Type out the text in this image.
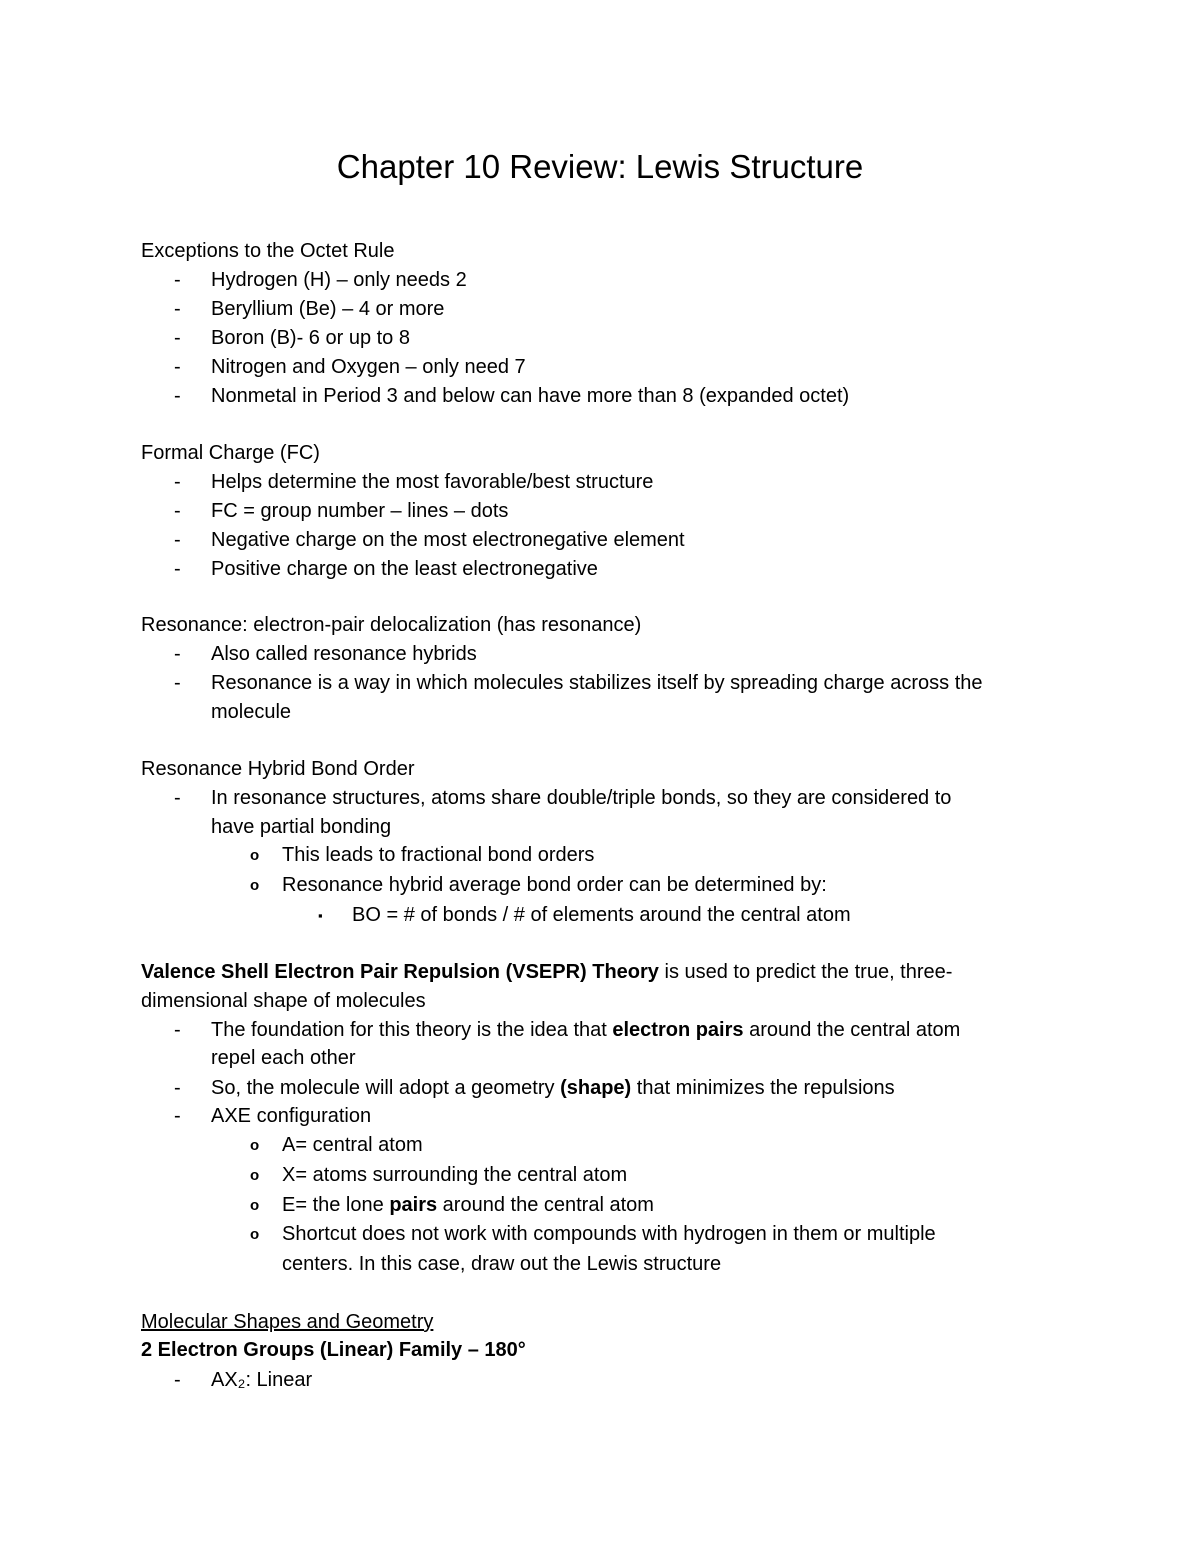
Chapter 10 Review: Lewis Structure
Exceptions to the Octet Rule
- Hydrogen (H) – only needs 2
- Beryllium (Be) – 4 or more
- Boron (B)- 6 or up to 8
- Nitrogen and Oxygen – only need 7
- Nonmetal in Period 3 and below can have more than 8 (expanded octet)
Formal Charge (FC)
- Helps determine the most favorable/best structure
- FC = group number – lines – dots
- Negative charge on the most electronegative element
- Positive charge on the least electronegative
Resonance: electron-pair delocalization (has resonance)
- Also called resonance hybrids
- Resonance is a way in which molecules stabilizes itself by spreading charge across the
molecule
Resonance Hybrid Bond Order
- In resonance structures, atoms share double/triple bonds, so they are considered to
have partial bonding
o This leads to fractional bond orders
o Resonance hybrid average bond order can be determined by:
▪ BO = # of bonds / # of elements around the central atom
Valence Shell Electron Pair Repulsion (VSEPR) Theory is used to predict the true, three-
dimensional shape of molecules
- The foundation for this theory is the idea that electron pairs around the central atom
repel each other
- So, the molecule will adopt a geometry (shape) that minimizes the repulsions
- AXE configuration
o A= central atom
o X= atoms surrounding the central atom
o E= the lone pairs around the central atom
o Shortcut does not work with compounds with hydrogen in them or multiple
centers. In this case, draw out the Lewis structure
Molecular Shapes and Geometry
2 Electron Groups (Linear) Family – 180°
- AX₂: Linear
